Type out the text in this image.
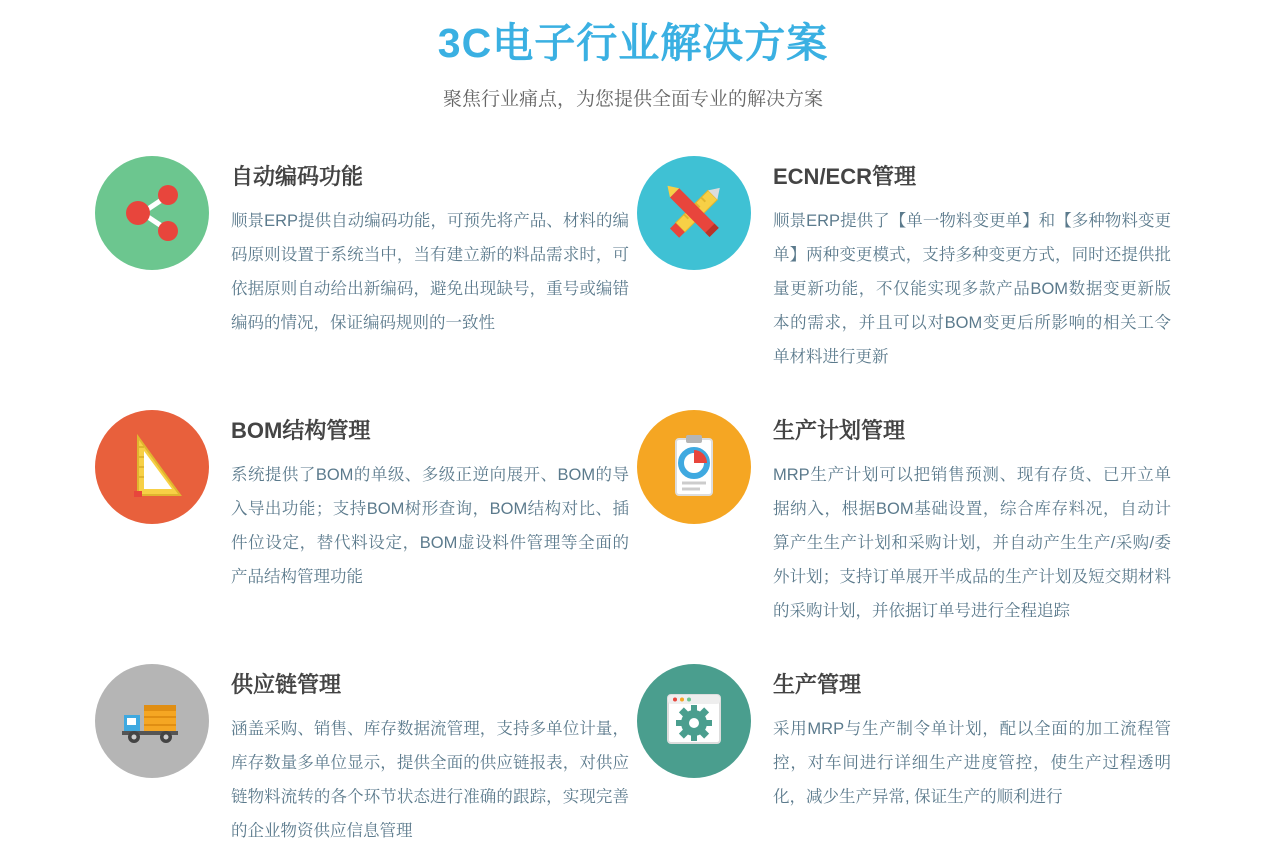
3C电子行业解决方案

聚焦行业痛点，为您提供全面专业的解决方案

自动编码功能

顺景ERP提供自动编码功能，可预先将产品、材料的编码原则设置于系统当中，当有建立新的料品需求时，可依据原则自动给出新编码，避免出现缺号，重号或编错编码的情况，保证编码规则的一致性

ECN/ECR管理

顺景ERP提供了【单一物料变更单】和【多种物料变更单】两种变更模式，支持多种变更方式，同时还提供批量更新功能，不仅能实现多款产品BOM数据变更新版本的需求，并且可以对BOM变更后所影响的相关工令单材料进行更新

BOM结构管理

系统提供了BOM的单级、多级正逆向展开、BOM的导入导出功能；支持BOM树形查询，BOM结构对比、插件位设定，替代料设定，BOM虚设料件管理等全面的产品结构管理功能

生产计划管理

MRP生产计划可以把销售预测、现有存货、已开立单据纳入，根据BOM基础设置，综合库存料况，自动计算产生生产计划和采购计划，并自动产生生产/采购/委外计划；支持订单展开半成品的生产计划及短交期材料的采购计划，并依据订单号进行全程追踪

供应链管理

涵盖采购、销售、库存数据流管理，支持多单位计量，库存数量多单位显示，提供全面的供应链报表，对供应链物料流转的各个环节状态进行准确的跟踪，实现完善的企业物资供应信息管理

生产管理

采用MRP与生产制令单计划，配以全面的加工流程管控，对车间进行详细生产进度管控，使生产过程透明化，减少生产异常, 保证生产的顺利进行
